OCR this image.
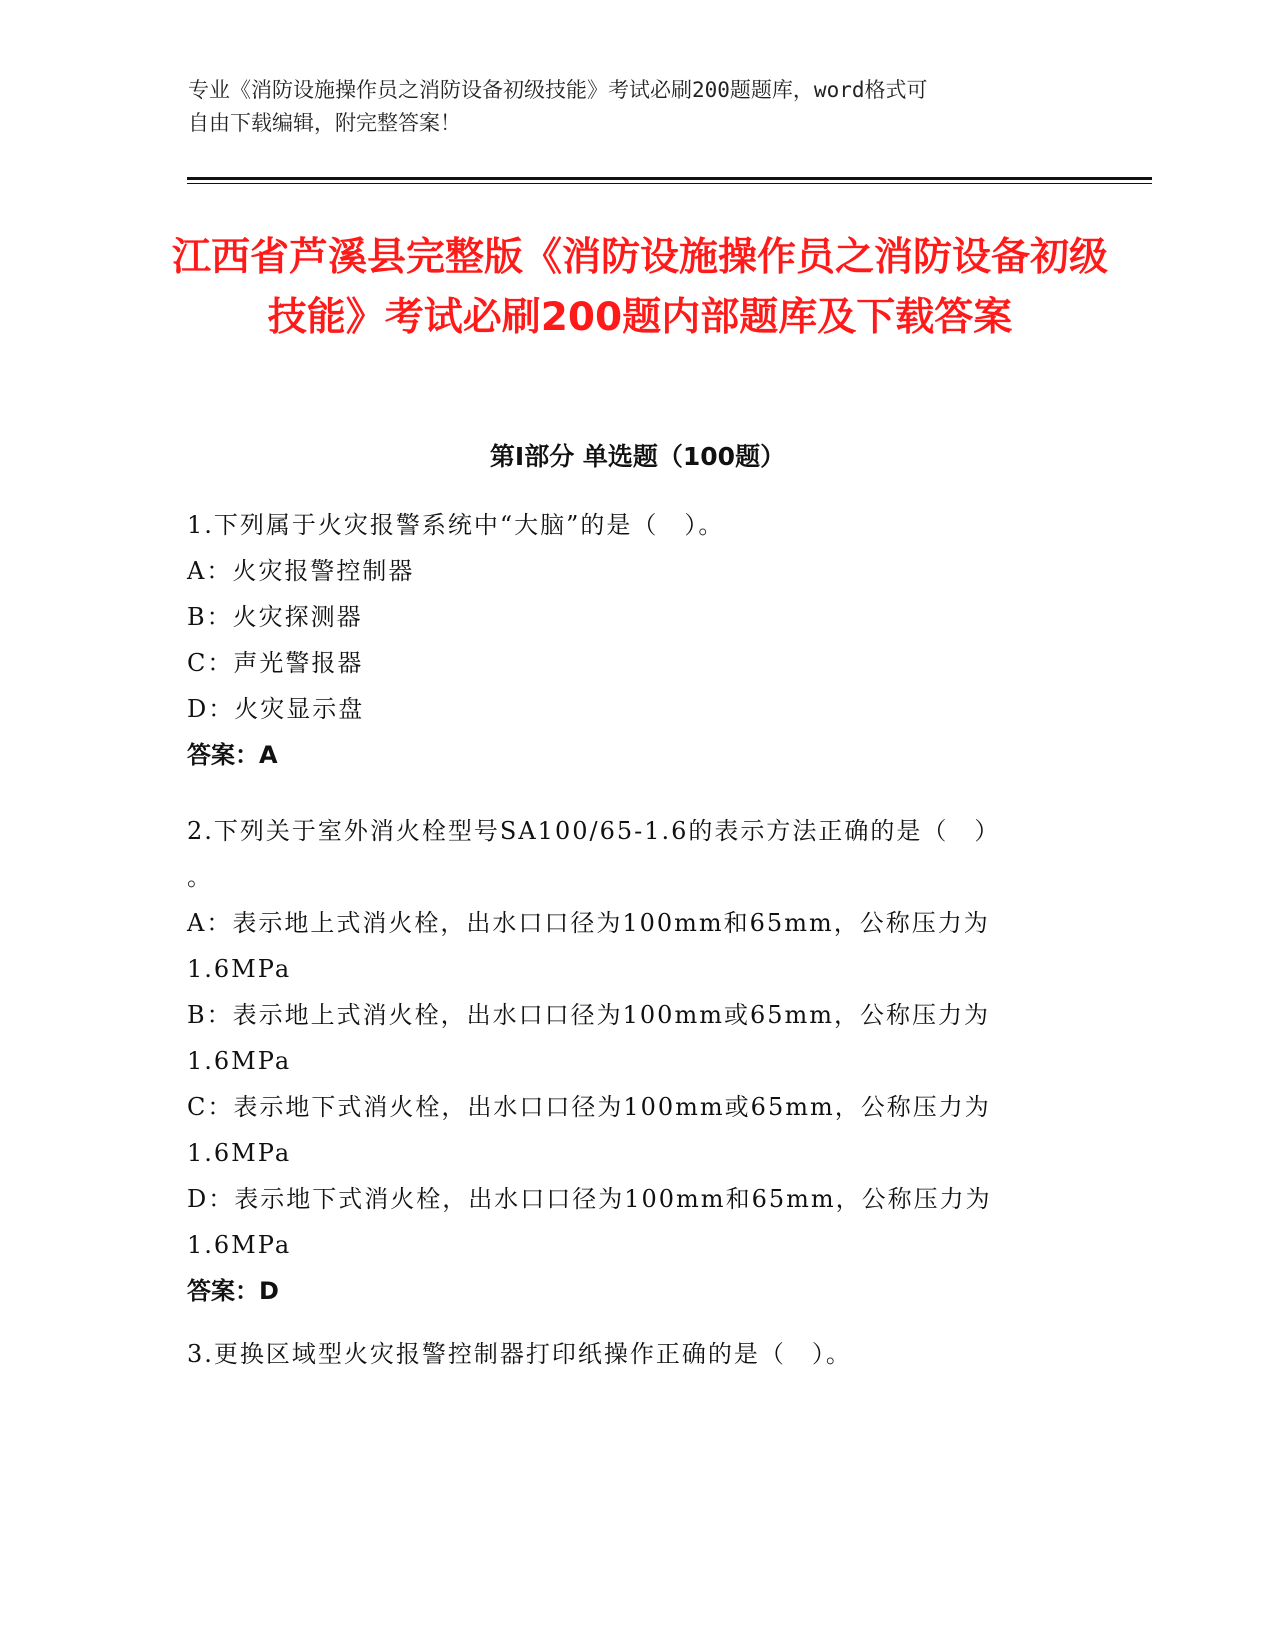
专业《消防设施操作员之消防设备初级技能》考试必刷200题题库，word格式可
自由下载编辑，附完整答案！
江西省芦溪县完整版《消防设施操作员之消防设备初级技能》考试必刷200题内部题库及下载答案
第Ⅰ部分 单选题（100题）
1.下列属于火灾报警系统中“大脑”的是（　）。
A：火灾报警控制器
B：火灾探测器
C：声光警报器
D：火灾显示盘
答案：A
2.下列关于室外消火栓型号SA100/65-1.6的表示方法正确的是（　）
。
A：表示地上式消火栓，出水口口径为100mm和65mm，公称压力为
1.6MPa
B：表示地上式消火栓，出水口口径为100mm或65mm，公称压力为
1.6MPa
C：表示地下式消火栓，出水口口径为100mm或65mm，公称压力为
1.6MPa
D：表示地下式消火栓，出水口口径为100mm和65mm，公称压力为
1.6MPa
答案：D
3.更换区域型火灾报警控制器打印纸操作正确的是（　）。
